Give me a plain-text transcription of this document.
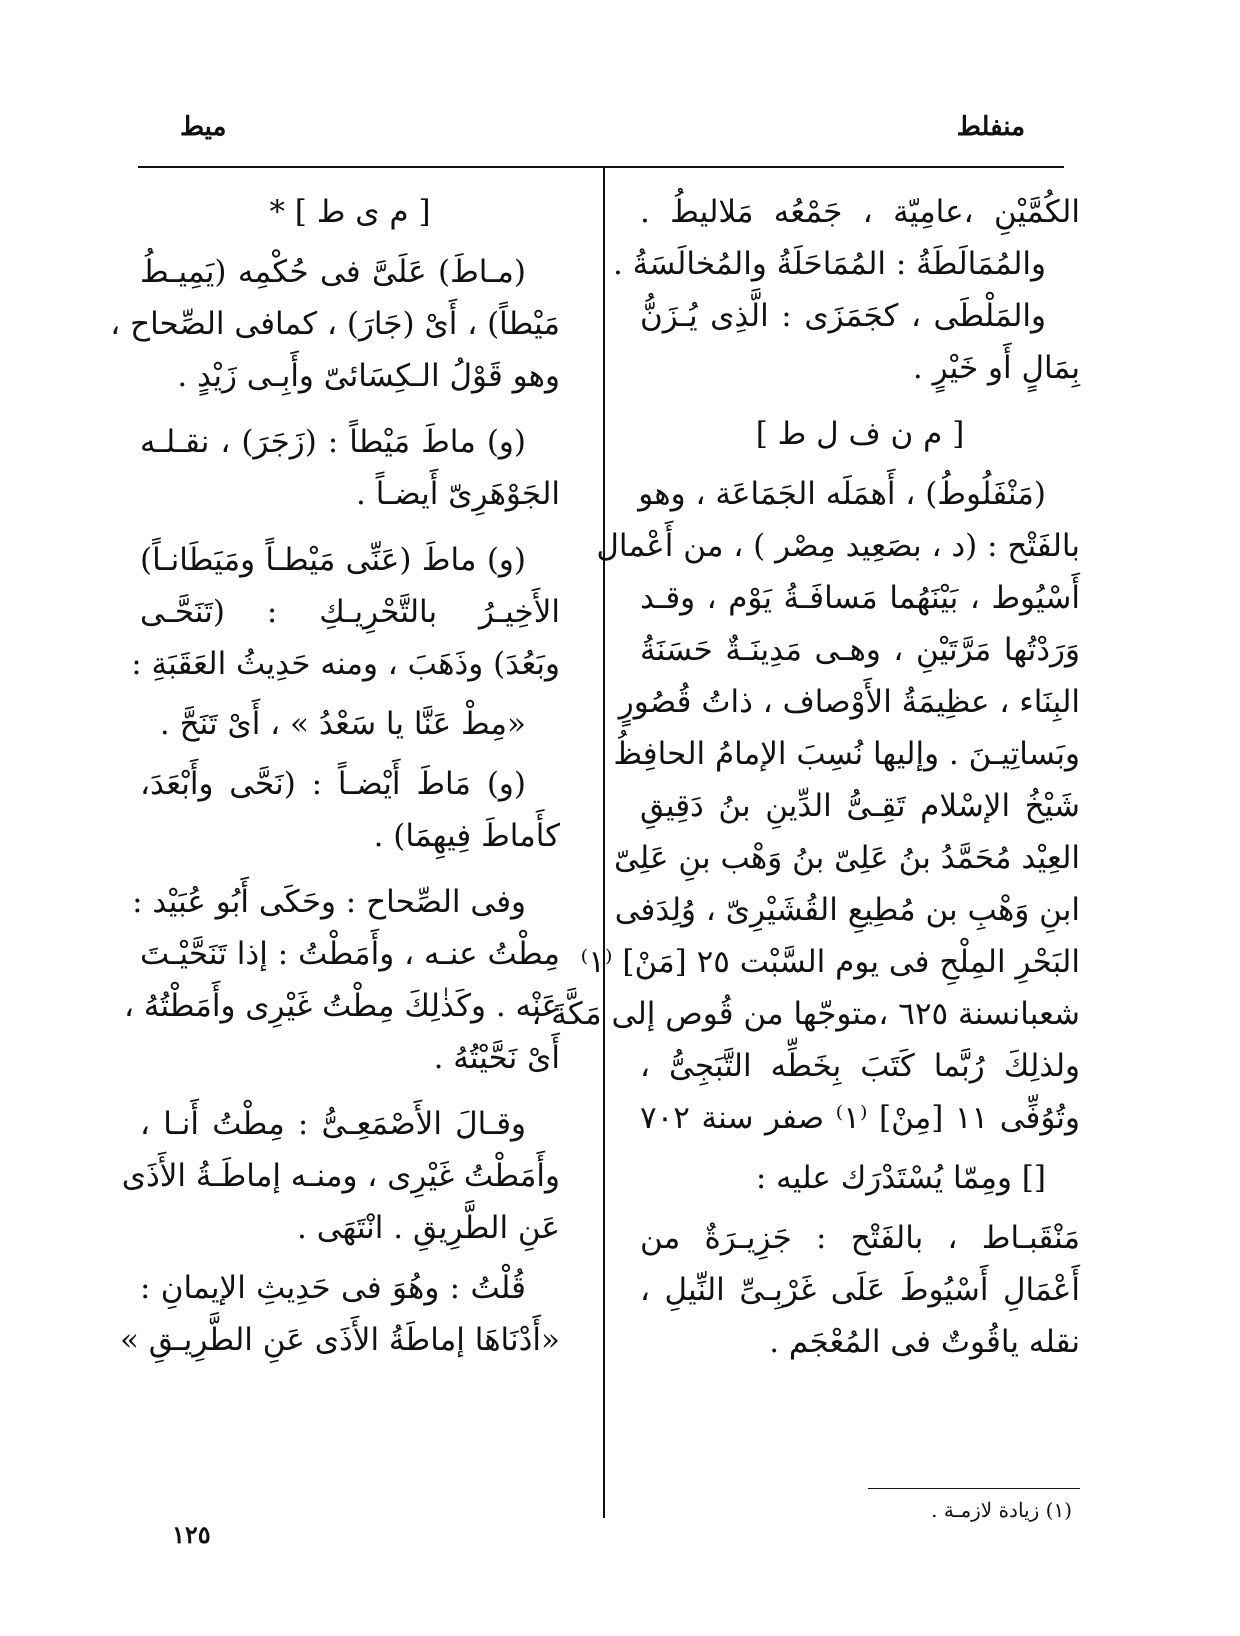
منفلط
ميط
الكُمَّيْنِ ،عامِيّة ، جَمْعُه مَلاليطُ .
والمُمَالَطَةُ : المُمَاحَلَةُ والمُخالَسَةُ .
والمَلْطَى ، كجَمَزَى : الَّذِى يُـزَنُّ
بِمَالٍ أَو خَيْرٍ .
[ م ن ف ل ط ]
(مَنْفَلُوطُ) ، أَهمَلَه الجَمَاعَة ، وهو
بالفَتْح : (د ، بصَعِيد مِصْر ) ، من أَعْمال
أَسْيُوط ، بَيْنَهُما مَسافَـةُ يَوْم ، وقـد
وَرَدْتُها مَرَّتَيْنِ ، وهـى مَدِينَـةٌ حَسَنَةُ
البِنَاء ، عظِيمَةُ الأَوْصاف ، ذاتُ قُصُورٍ
وبَساتِيـنَ . وإليها نُسِبَ الإمامُ الحافِظُ
شَيْخُ الإسْلام تَقِـىُّ الدِّينِ بنُ دَقِيقِ
العِيْد مُحَمَّدُ بنُ عَلِىّ بنُ وَهْب بنِ عَلِىّ
ابنِ وَهْبِ بن مُطِيعِ القُشَيْرِىّ ، وُلِدَفى
البَحْرِ المِلْحِ فى يوم السَّبْت ٢٥ [مَنْ] ⁽١⁾
شعبانسنة ٦٢٥ ،متوجّها من قُوص إلى مَكَّةَ ،
ولذلِكَ رُبَّما كَتَبَ بِخَطِّه التَّبَجِىُّ ،
وتُوُفِّى ١١ [مِنْ] ⁽١⁾ صفر سنة ٧٠٢
[] ومِمّا يُسْتَدْرَك عليه :
مَنْقَبـاط ، بالفَتْح : جَزِيـرَةٌ من
أَعْمَالِ أَسْيُوطَ عَلَى غَرْبِـىِّ النِّيلِ ،
نقله ياقُوتٌ فى المُعْجَم .
[ م ى ط ] *
(مـاطَ) عَلَىَّ فى حُكْمِه (يَمِيـطُ
مَيْطاً) ، أَىْ (جَارَ) ، كمافى الصِّحاح ،
وهو قَوْلُ الـكِسَائىّ وأَبِـى زَيْدٍ .
(و) ماطَ مَيْطاً : (زَجَرَ) ، نقـلـه
الجَوْهَرِىّ أَيضـاً .
(و) ماطَ (عَنِّى مَيْطـاً ومَيَطَانـاً)
الأَخِيـرُ بالتَّحْرِيـكِ : (تَنَحَّـى
وبَعُدَ) وذَهَبَ ، ومنه حَدِيثُ العَقَبَةِ :
«مِطْ عَنَّا يا سَعْدُ » ، أَىْ تَنَحَّ .
(و) مَاطَ أَيْضـاً : (نَحَّى وأَبْعَدَ،
كأَماطَ فِيهِمَا) .
وفى الصِّحاح : وحَكَى أَبُو عُبَيْد :
مِطْتُ عنـه ، وأَمَطْتُ : إذا تَنَحَّيْـتَ
عَنْه . وكَذٰلِكَ مِطْتُ غَيْرِى وأَمَطْتُهُ ،
أَىْ نَحَّيْتُهُ .
وقـالَ الأَصْمَعِـىُّ : مِطْتُ أَنـا ،
وأَمَطْتُ غَيْرِى ، ومنـه إماطَـةُ الأَذَى
عَنِ الطَّرِيقِ . انْتَهَى .
قُلْتُ : وهُوَ فى حَدِيثِ الإيمانِ :
«أَدْنَاهَا إماطَةُ الأَذَى عَنِ الطَّرِيـقِ »
(١) زيادة لازمـة .
١٢٥
